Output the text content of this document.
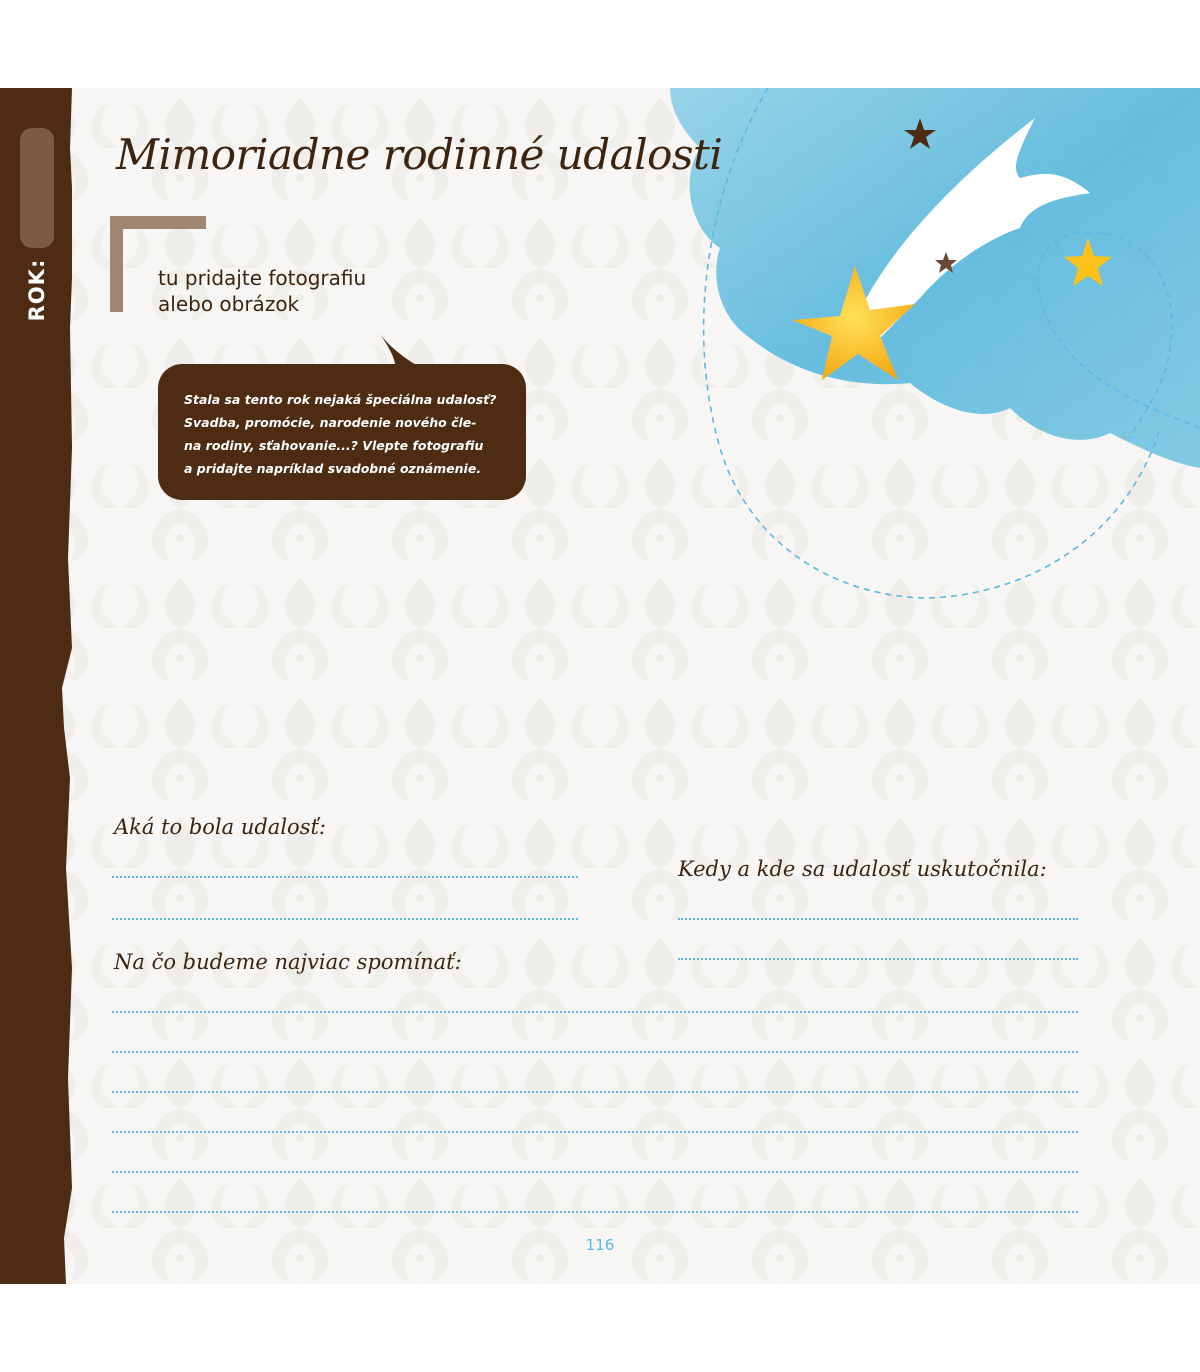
ROK:
Mimoriadne rodinné udalosti
tu pridajte fotografiu
alebo obrázok
Stala sa tento rok nejaká špeciálna udalosť?
Svadba, promócie, narodenie nového čle-
na rodiny, sťahovanie...? Vlepte fotografiu
a pridajte napríklad svadobné oznámenie.
Aká to bola udalosť:
Kedy a kde sa udalosť uskutočnila:
Na čo budeme najviac spomínať:
116
